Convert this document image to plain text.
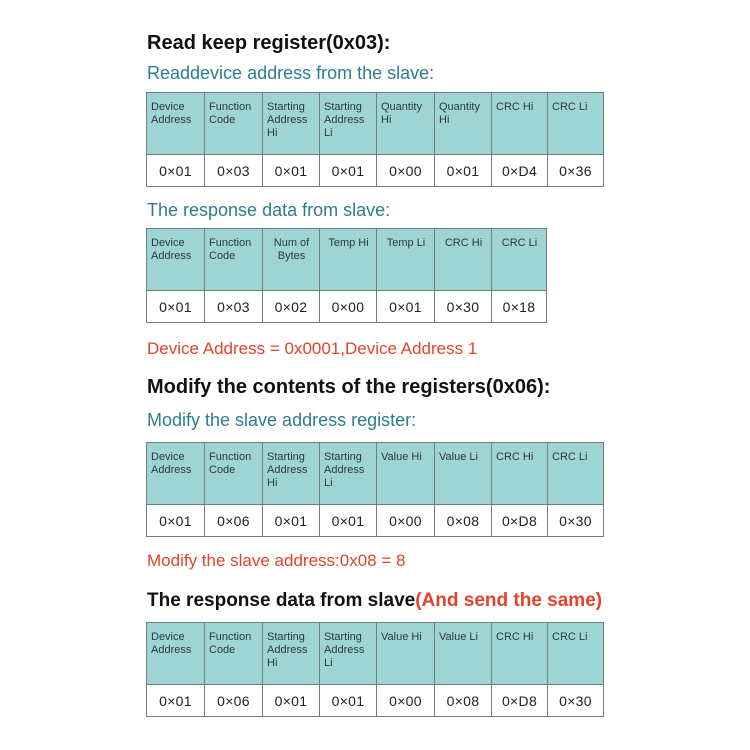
Read keep register(0x03):
Readdevice address from the slave:
Device Address	Function Code	Starting Address Hi	Starting Address Li	Quantity Hi	Quantity Hi	CRC Hi	CRC Li

0×01	0×03	0×01	0×01	0×00	0×01	0×D4	0×36
The response data from slave:
Device Address	Function Code	Num of Bytes	Temp Hi	Temp Li	CRC Hi	CRC Li

0×01	0×03	0×02	0×00	0×01	0×30	0×18
Device Address = 0x0001,Device Address 1
Modify the contents of the registers(0x06):
Modify the slave address register:
Device Address	Function Code	Starting Address Hi	Starting Address Li	Value Hi	Value Li	CRC Hi	CRC Li

0×01	0×06	0×01	0×01	0×00	0×08	0×D8	0×30
Modify the slave address:0x08 = 8
The response data from slave(And send the same)
Device Address	Function Code	Starting Address Hi	Starting Address Li	Value Hi	Value Li	CRC Hi	CRC Li

0×01	0×06	0×01	0×01	0×00	0×08	0×D8	0×30
